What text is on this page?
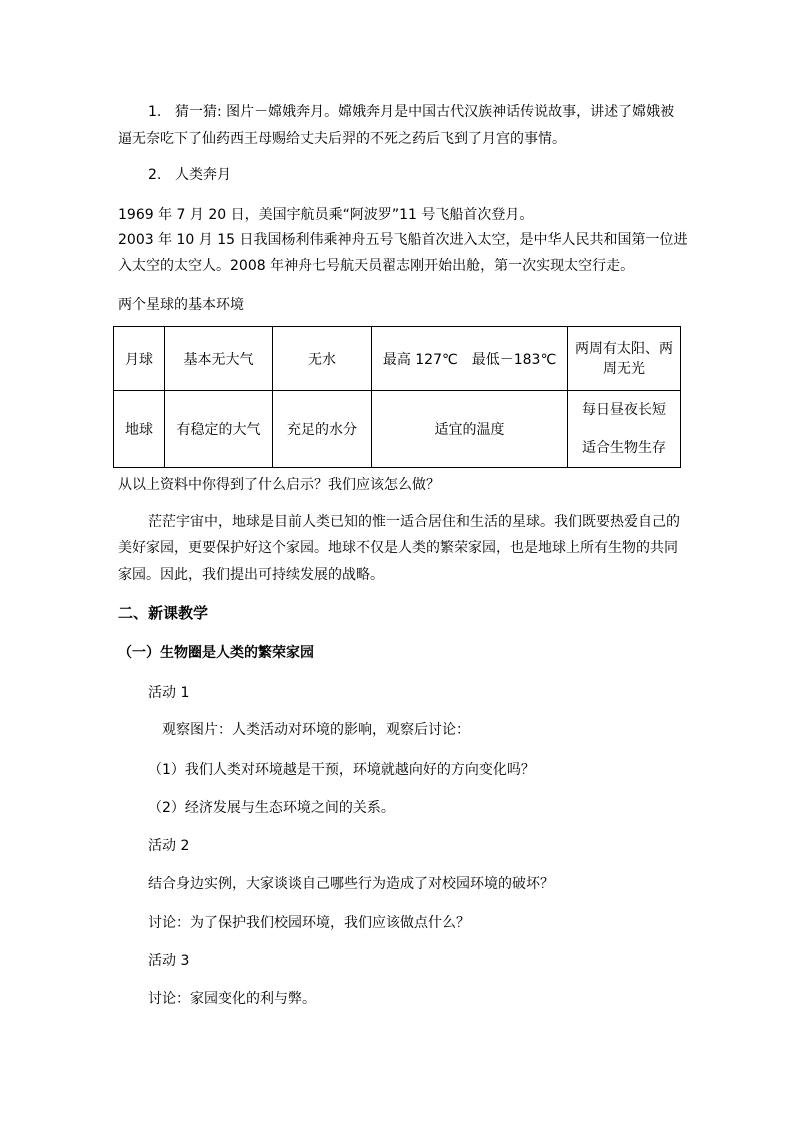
1. 猜一猜: 图片－嫦娥奔月。嫦娥奔月是中国古代汉族神话传说故事，讲述了嫦娥被
逼无奈吃下了仙药西王母赐给丈夫后羿的不死之药后飞到了月宫的事情。
2. 人类奔月
1969 年 7 月 20 日，美国宇航员乘“阿波罗”11 号飞船首次登月。
2003 年 10 月 15 日我国杨利伟乘神舟五号飞船首次进入太空，是中华人民共和国第一位进
入太空的太空人。2008 年神舟七号航天员翟志刚开始出舱，第一次实现太空行走。
两个星球的基本环境
月球	基本无大气	无水	最高 127℃　最低－183℃	两周有太阳、两
周无光

地球	有稳定的大气	充足的水分	适宜的温度	每日昼夜长短
适合生物生存
从以上资料中你得到了什么启示？我们应该怎么做？
茫茫宇宙中，地球是目前人类已知的惟一适合居住和生活的星球。我们既要热爱自己的
美好家园，更要保护好这个家园。地球不仅是人类的繁荣家园，也是地球上所有生物的共同
家园。因此，我们提出可持续发展的战略。
二、新课教学
（一）生物圈是人类的繁荣家园
活动 1
观察图片：人类活动对环境的影响，观察后讨论：
（1）我们人类对环境越是干预，环境就越向好的方向变化吗？
（2）经济发展与生态环境之间的关系。
活动 2
结合身边实例，大家谈谈自己哪些行为造成了对校园环境的破坏？
讨论：为了保护我们校园环境，我们应该做点什么？
活动 3
讨论：家园变化的利与弊。
